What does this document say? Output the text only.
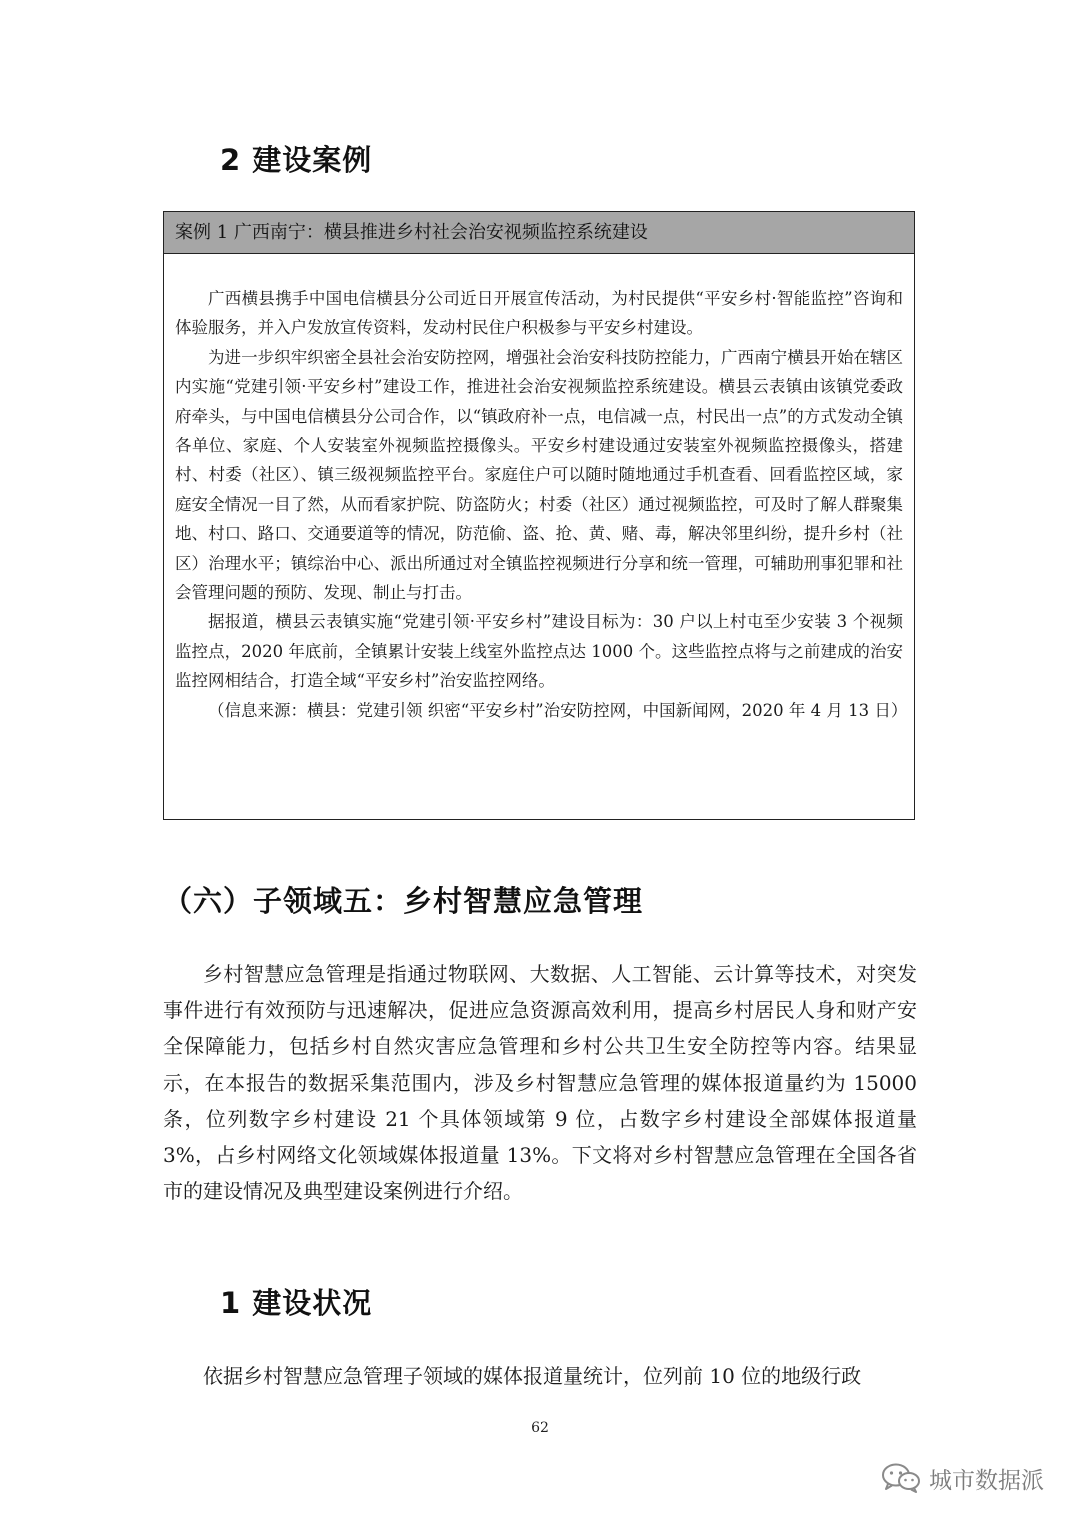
2 建设案例
案例 1 广西南宁：横县推进乡村社会治安视频监控系统建设

广西横县携手中国电信横县分公司近日开展宣传活动，为村民提供“平安乡村·智能监控”咨询和体验服务，并入户发放宣传资料，发动村民住户积极参与平安乡村建设。

为进一步织牢织密全县社会治安防控网，增强社会治安科技防控能力，广西南宁横县开始在辖区内实施“党建引领·平安乡村”建设工作，推进社会治安视频监控系统建设。横县云表镇由该镇党委政府牵头，与中国电信横县分公司合作，以“镇政府补一点，电信减一点，村民出一点”的方式发动全镇各单位、家庭、个人安装室外视频监控摄像头。平安乡村建设通过安装室外视频监控摄像头，搭建村、村委（社区）、镇三级视频监控平台。家庭住户可以随时随地通过手机查看、回看监控区域，家庭安全情况一目了然，从而看家护院、防盗防火；村委（社区）通过视频监控，可及时了解人群聚集地、村口、路口、交通要道等的情况，防范偷、盗、抢、黄、赌、毒，解决邻里纠纷，提升乡村（社区）治理水平；镇综治中心、派出所通过对全镇监控视频进行分享和统一管理，可辅助刑事犯罪和社会管理问题的预防、发现、制止与打击。

据报道，横县云表镇实施“党建引领·平安乡村”建设目标为：30 户以上村屯至少安装 3 个视频监控点，2020 年底前，全镇累计安装上线室外监控点达 1000 个。这些监控点将与之前建成的治安监控网相结合，打造全域“平安乡村”治安监控网络。

（信息来源：横县：党建引领 织密“平安乡村”治安防控网，中国新闻网，2020 年 4 月 13 日）

（六）子领域五：乡村智慧应急管理

乡村智慧应急管理是指通过物联网、大数据、人工智能、云计算等技术，对突发事件进行有效预防与迅速解决，促进应急资源高效利用，提高乡村居民人身和财产安全保障能力，包括乡村自然灾害应急管理和乡村公共卫生安全防控等内容。结果显示，在本报告的数据采集范围内，涉及乡村智慧应急管理的媒体报道量约为 15000 条，位列数字乡村建设 21 个具体领域第 9 位，占数字乡村建设全部媒体报道量 3%，占乡村网络文化领域媒体报道量 13%。下文将对乡村智慧应急管理在全国各省市的建设情况及典型建设案例进行介绍。

1 建设状况

依据乡村智慧应急管理子领域的媒体报道量统计，位列前 10 位的地级行政

62
城市数据派
